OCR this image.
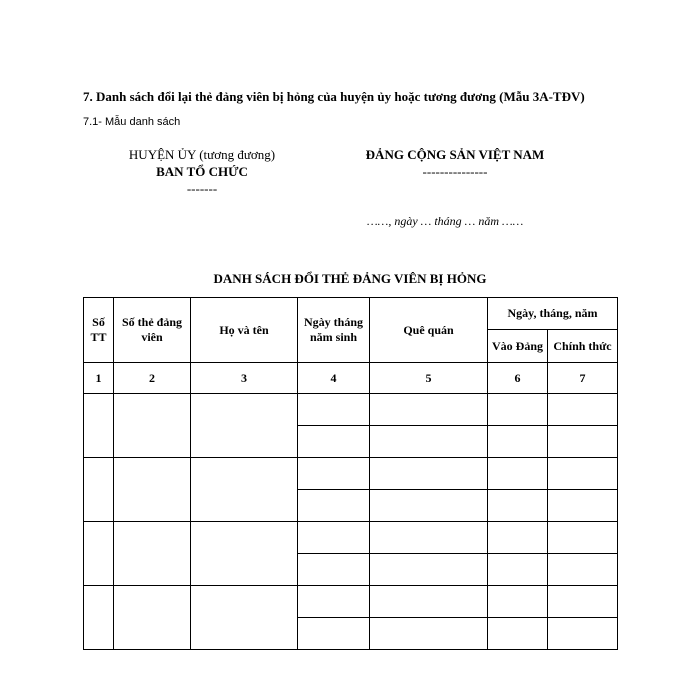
7. Danh sách đổi lại thẻ đảng viên bị hỏng của huyện ủy hoặc tương đương (Mẫu 3A-TĐV)
7.1- Mẫu danh sách
HUYỆN ỦY (tương đương)
BAN TỔ CHỨC
-------
ĐẢNG CỘNG SẢN VIỆT NAM
---------------
……, ngày … tháng … năm ……
DANH SÁCH ĐỔI THẺ ĐẢNG VIÊN BỊ HỎNG
Số TT	Số thẻ đảng viên	Họ và tên	Ngày tháng năm sinh	Quê quán	Ngày, tháng, năm	
					Vào Đảng	Chính thức
1	2	3	4	5	6	7
